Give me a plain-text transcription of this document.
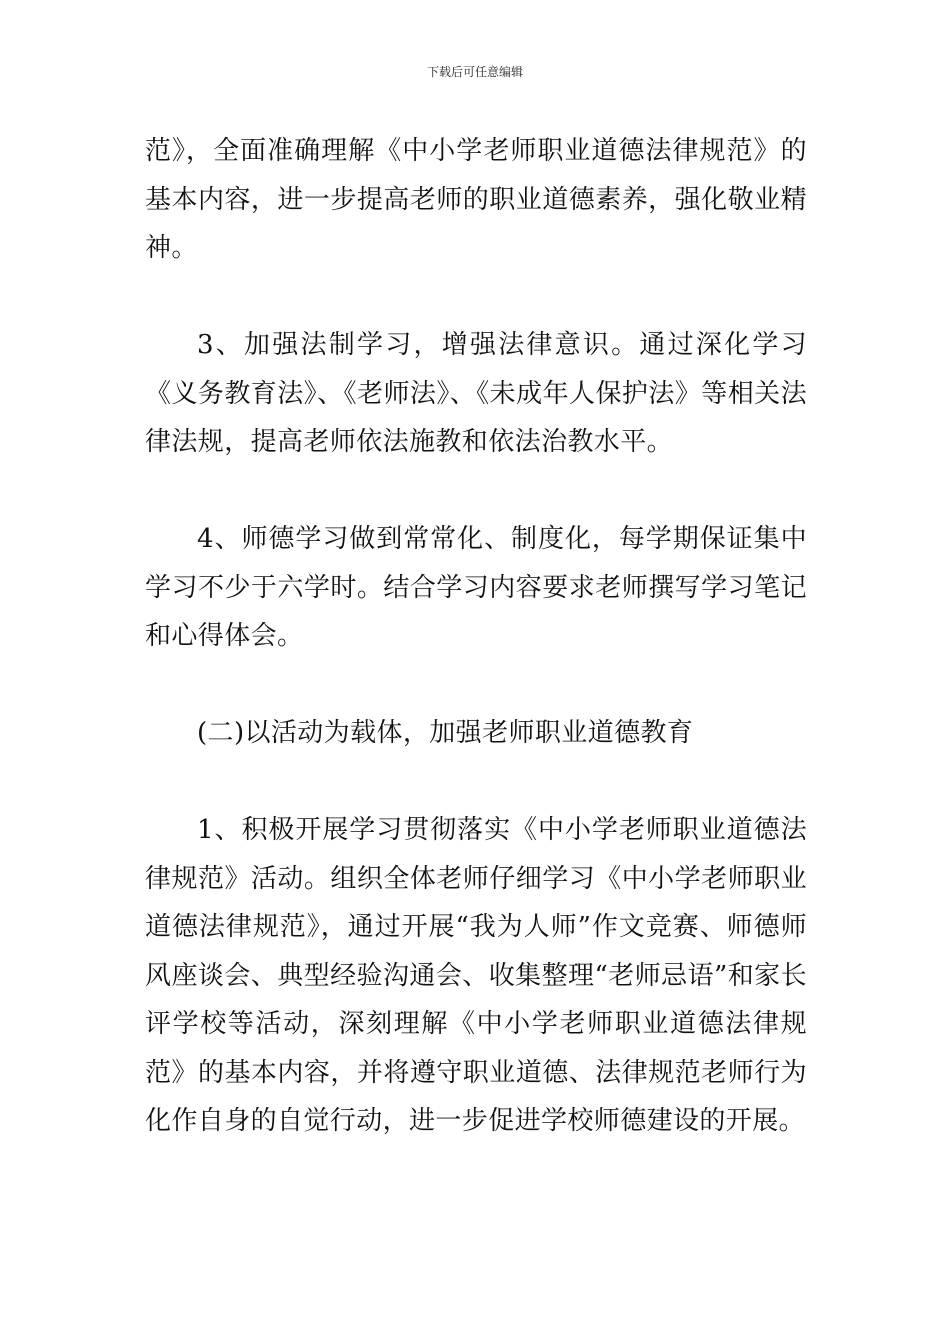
下载后可任意编辑

范》，全面准确理解《中小学老师职业道德法律规范》的基本内容，进一步提高老师的职业道德素养，强化敬业精神。

3、加强法制学习，增强法律意识。通过深化学习《义务教育法》、《老师法》、《未成年人保护法》等相关法律法规，提高老师依法施教和依法治教水平。

4、师德学习做到常常化、制度化，每学期保证集中学习不少于六学时。结合学习内容要求老师撰写学习笔记和心得体会。

(二)以活动为载体，加强老师职业道德教育

1、积极开展学习贯彻落实《中小学老师职业道德法律规范》活动。组织全体老师仔细学习《中小学老师职业道德法律规范》，通过开展“我为人师”作文竞赛、师德师风座谈会、典型经验沟通会、收集整理“老师忌语”和家长评学校等活动，深刻理解《中小学老师职业道德法律规范》的基本内容，并将遵守职业道德、法律规范老师行为化作自身的自觉行动，进一步促进学校师德建设的开展。
